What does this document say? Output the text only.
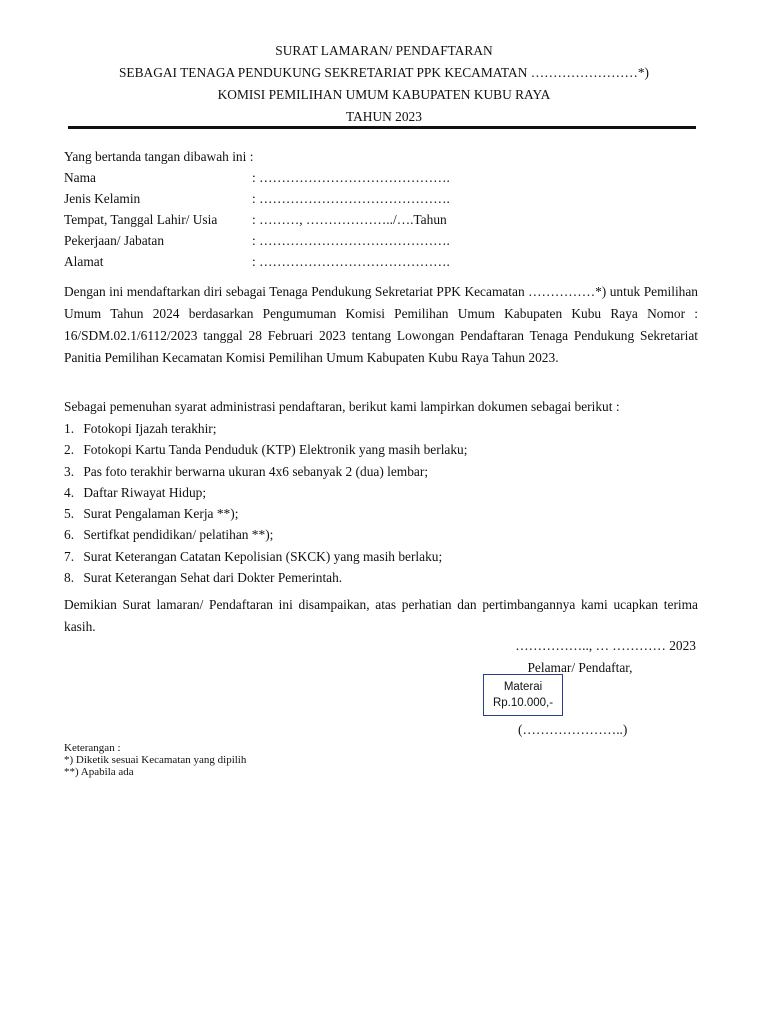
SURAT LAMARAN/ PENDAFTARAN
SEBAGAI TENAGA PENDUKUNG SEKRETARIAT PPK KECAMATAN ……………………*)
KOMISI PEMILIHAN UMUM KABUPATEN KUBU RAYA
TAHUN 2023
Yang bertanda tangan dibawah ini :
Nama	: …………………………………….
Jenis Kelamin	: …………………………………….
Tempat, Tanggal Lahir/ Usia	: ………, ………………../….Tahun
Pekerjaan/ Jabatan	: …………………………………….
Alamat	: …………………………………….
Dengan ini mendaftarkan diri sebagai Tenaga Pendukung Sekretariat PPK Kecamatan ……………*) untuk Pemilihan Umum Tahun 2024 berdasarkan Pengumuman Komisi Pemilihan Umum Kabupaten Kubu Raya Nomor : 16/SDM.02.1/6112/2023 tanggal 28 Februari 2023 tentang Lowongan Pendaftaran Tenaga Pendukung Sekretariat Panitia Pemilihan Kecamatan Komisi Pemilihan Umum Kabupaten Kubu Raya Tahun 2023.
Sebagai pemenuhan syarat administrasi pendaftaran, berikut kami lampirkan dokumen sebagai berikut :
1. Fotokopi Ijazah terakhir;
2. Fotokopi Kartu Tanda Penduduk (KTP) Elektronik yang masih berlaku;
3. Pas foto terakhir berwarna ukuran 4x6 sebanyak 2 (dua) lembar;
4. Daftar Riwayat Hidup;
5. Surat Pengalaman Kerja **);
6. Sertifkat pendidikan/ pelatihan **);
7. Surat Keterangan Catatan Kepolisian (SKCK) yang masih berlaku;
8. Surat Keterangan Sehat dari Dokter Pemerintah.
Demikian Surat lamaran/ Pendaftaran ini disampaikan, atas perhatian dan pertimbangannya kami ucapkan terima kasih.
…………….., … ………… 2023
Pelamar/ Pendaftar,
Materai
Rp.10.000,-
(…………………..)
Keterangan :
*) Diketik sesuai Kecamatan yang dipilih
**) Apabila ada
